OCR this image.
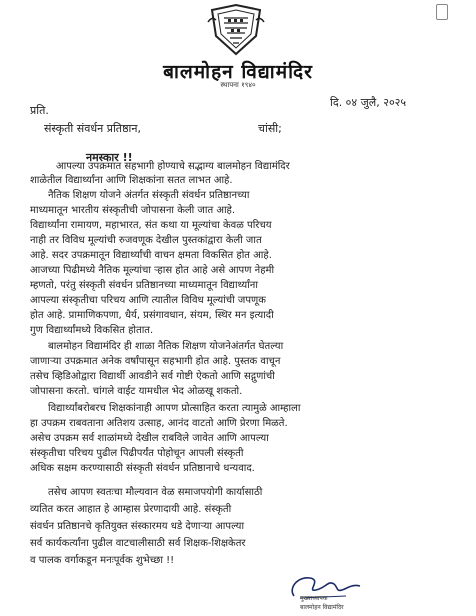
बालमोहन विद्यामंदिर
स्थापना १९४०
दि. ०४ जुलै, २०२५
प्रति.
संस्कृती संवर्धन प्रतिष्ठान,	चांसी;
नमस्कार !!

आपल्या उपक्रमात सहभागी होण्याचे सद्भाग्य बालमोहन विद्यामंदिर

शाळेतील विद्यार्थ्यांना आणि शिक्षकांना सतत लाभत आहे.

नैतिक शिक्षण योजने अंतर्गत संस्कृती संवर्धन प्रतिष्ठानच्या

माध्यमातून भारतीय संस्कृतीची जोपासना केली जात आहे.

विद्यार्थ्यांना रामायण, महाभारत, संत कथा या मूल्यांचा केवळ परिचय

नाही तर विविध मूल्यांची रुजवणूक देखील पुस्तकांद्वारा केली जात

आहे. सदर उपक्रमातून विद्यार्थ्यांची वाचन क्षमता विकसित होत आहे.

आजच्या पिढीमध्ये नैतिक मूल्यांचा ऱ्हास होत आहे असे आपण नेहमी

म्हणतो, परंतु संस्कृती संवर्धन प्रतिष्ठानच्या माध्यमातून विद्यार्थ्यांना

आपल्या संस्कृतीचा परिचय आणि त्यातील विविध मूल्यांची जपणूक

होत आहे. प्रामाणिकपणा, धैर्य, प्रसंगावधान, संयम, स्थिर मन इत्यादी

गुण विद्यार्थ्यांमध्ये विकसित होतात.

बालमोहन विद्यामंदिर ही शाळा नैतिक शिक्षण योजनेअंतर्गत घेतल्या

जाणाऱ्या उपक्रमात अनेक वर्षांपासून सहभागी होत आहे. पुस्तक वाचून

तसेच व्हिडिओद्वारा विद्यार्थी आवडीने सर्व गोष्टी ऐकतो आणि सद्गुणांची

जोपासना करतो. चांगले वाईट यामधील भेद ओळखू शकतो.

विद्यार्थ्यांबरोबरच शिक्षकांनाही आपण प्रोत्साहित करता त्यामुळे आम्हाला

हा उपक्रम राबवताना अतिशय उत्साह, आनंद वाटतो आणि प्रेरणा मिळते.

असेच उपक्रम सर्व शाळांमध्ये देखील राबविले जावेत आणि आपल्या

संस्कृतीचा परिचय पुढील पिढीपर्यंत पोहोचून आपली संस्कृती

अधिक सक्षम करण्यासाठी संस्कृती संवर्धन प्रतिष्ठानाचे धन्यवाद.

तसेच आपण स्वतःचा मौल्यवान वेळ समाजपयोगी कार्यासाठी

व्यतित करत आहात हे आम्हास प्रेरणादायी आहे. संस्कृती

संवर्धन प्रतिष्ठानचे कृतियुक्त संस्कारमय धडे देणाऱ्या आपल्या

सर्व कार्यकर्त्यांना पुढील वाटचालीसाठी सर्व शिक्षक-शिक्षकेतर

व पालक वर्गाकडून मनःपूर्वक शुभेच्छा !!

मुख्याध्यापक
बालमोहन विद्यामंदिर
